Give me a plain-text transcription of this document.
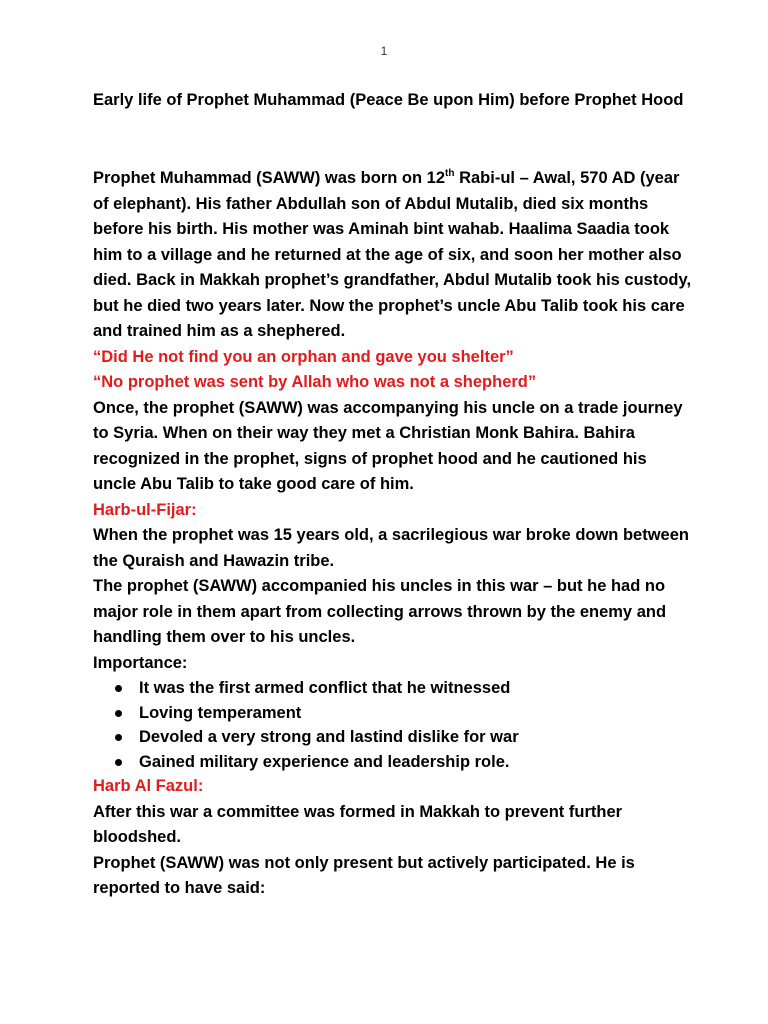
1

Early life of Prophet Muhammad (Peace Be upon Him) before Prophet Hood

Prophet Muhammad (SAWW) was born on 12th Rabi-ul – Awal, 570 AD (year of elephant). His father Abdullah son of Abdul Mutalib, died six months before his birth. His mother was Aminah bint wahab. Haalima Saadia took him to a village and he returned at the age of six, and soon her mother also died. Back in Makkah prophet’s grandfather, Abdul Mutalib took his custody, but he died two years later. Now the prophet’s uncle Abu Talib took his care and trained him as a shephered.

“Did He not find you an orphan and gave you shelter”

“No prophet was sent by Allah who was not a shepherd”

Once, the prophet (SAWW) was accompanying his uncle on a trade journey to Syria. When on their way they met a Christian Monk Bahira. Bahira recognized in the prophet, signs of prophet hood and he cautioned his uncle Abu Talib to take good care of him.

Harb-ul-Fijar:

When the prophet was 15 years old, a sacrilegious war broke down between the Quraish and Hawazin tribe.

The prophet (SAWW) accompanied his uncles in this war – but he had no major role in them apart from collecting arrows thrown by the enemy and handling them over to his uncles.

Importance:

It was the first armed conflict that he witnessed
Loving temperament
Devoled a very strong and lastind dislike for war
Gained military experience and leadership role.

Harb Al Fazul:

After this war a committee was formed in Makkah to prevent further bloodshed.

Prophet (SAWW) was not only present but actively participated. He is reported to have said:
